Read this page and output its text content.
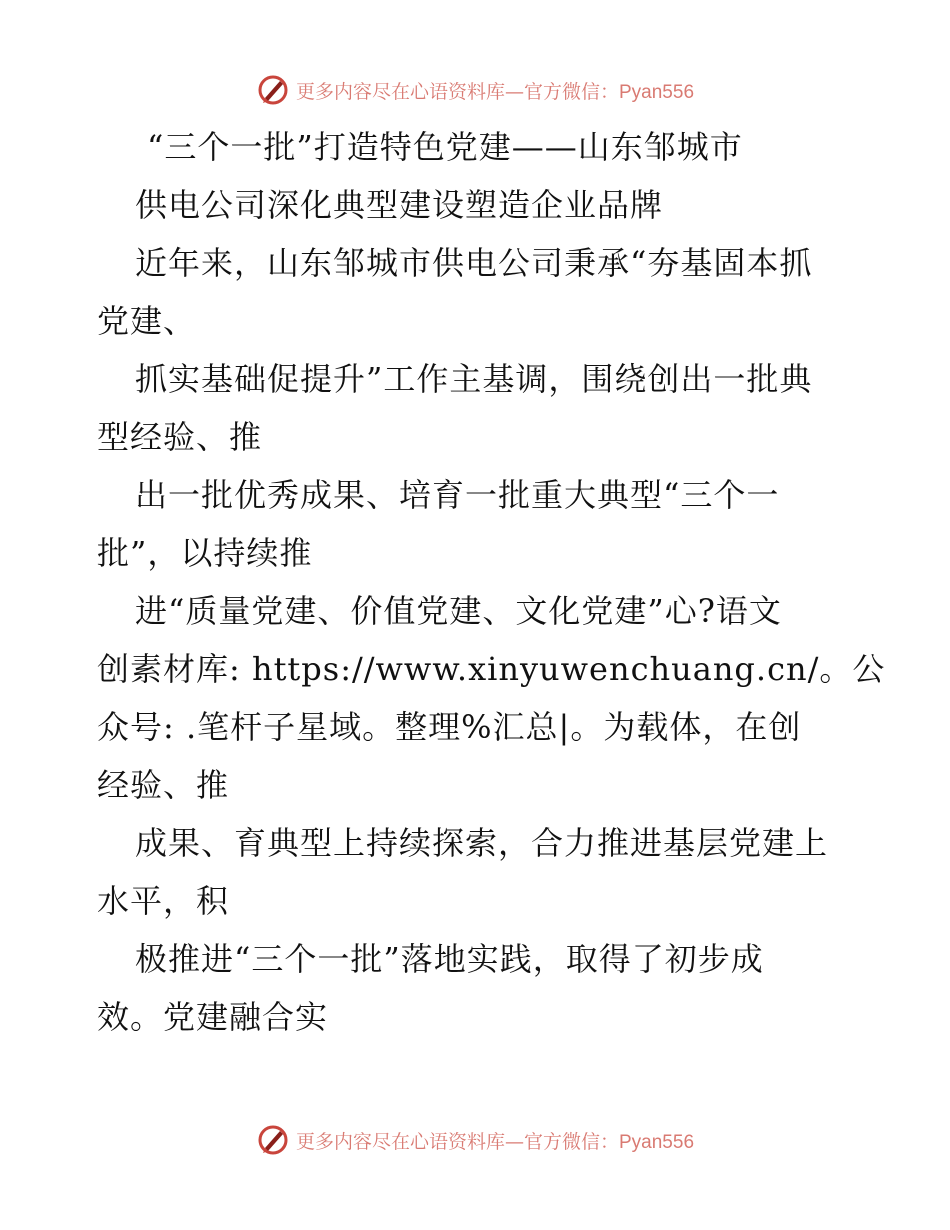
更多内容尽在心语资料库—官方微信：Pyan556
“三个一批”打造特色党建——山东邹城市
供电公司深化典型建设塑造企业品牌
近年来，山东邹城市供电公司秉承“夯基固本抓
党建、
抓实基础促提升”工作主基调，围绕创出一批典
型经验、推
出一批优秀成果、培育一批重大典型“三个一
批”，以持续推
进“质量党建、价值党建、文化党建”心?语文
创素材库: https://www.xinyuwenchuang.cn/。公
众号: .笔杆子星域。整理%汇总|。为载体，在创
经验、推
成果、育典型上持续探索，合力推进基层党建上
水平，积
极推进“三个一批”落地实践，取得了初步成
效。党建融合实
更多内容尽在心语资料库—官方微信：Pyan556
